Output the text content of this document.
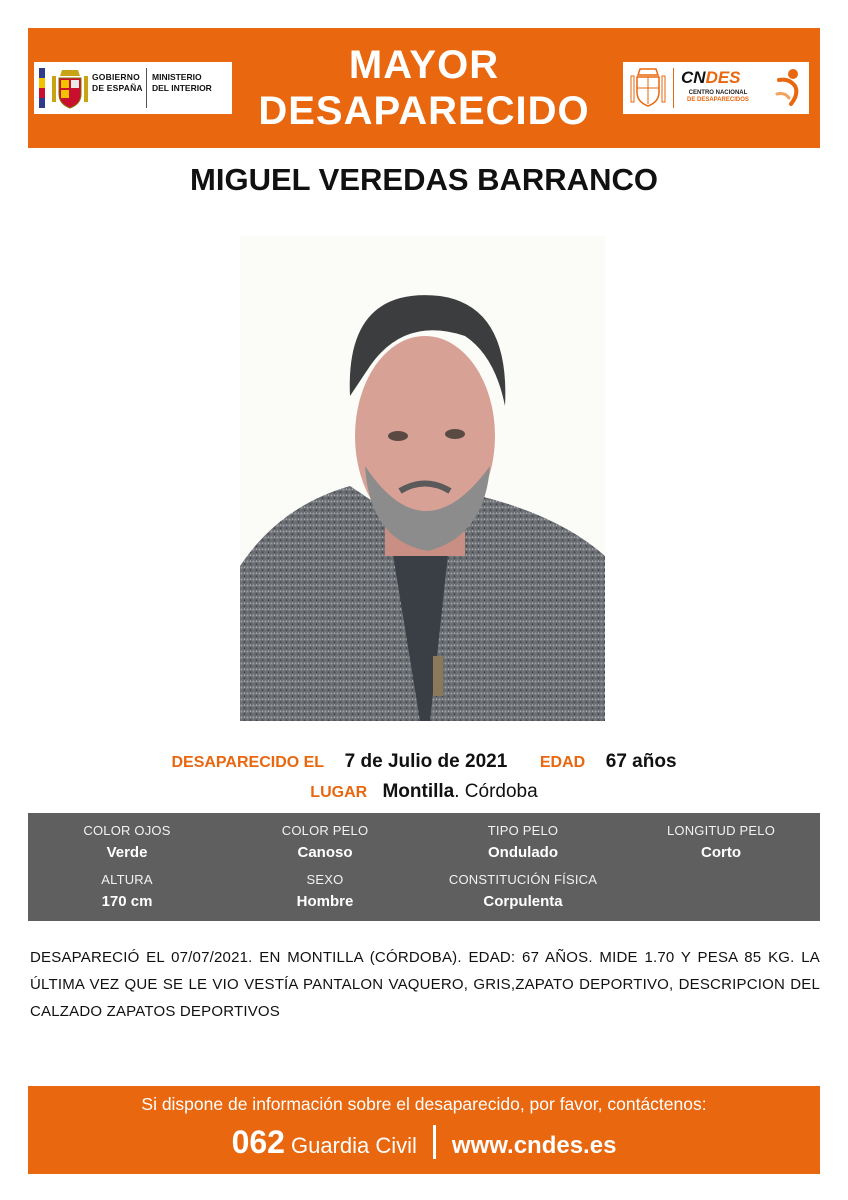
GOBIERNO
DE ESPAÑA
MINISTERIO
DEL INTERIOR
MAYOR
DESAPARECIDO
CNDES
CENTRO NACIONAL
DE DESAPARECIDOS
MIGUEL VEREDAS BARRANCO
DESAPARECIDO EL 7 de Julio de 2021 EDAD 67 años
LUGAR Montilla. Córdoba
COLOR OJOS
Verde
COLOR PELO
Canoso
TIPO PELO
Ondulado
LONGITUD PELO
Corto
ALTURA
170 cm
SEXO
Hombre
CONSTITUCIÓN FÍSICA
Corpulenta
DESAPARECIÓ EL 07/07/2021. EN MONTILLA (CÓRDOBA). EDAD: 67 AÑOS. MIDE 1.70 Y PESA 85 KG. LA ÚLTIMA VEZ QUE SE LE VIO VESTÍA PANTALON VAQUERO, GRIS,ZAPATO DEPORTIVO, DESCRIPCION DEL CALZADO ZAPATOS DEPORTIVOS
Si dispone de información sobre el desaparecido, por favor, contáctenos:
062 Guardia Civil www.cndes.es
